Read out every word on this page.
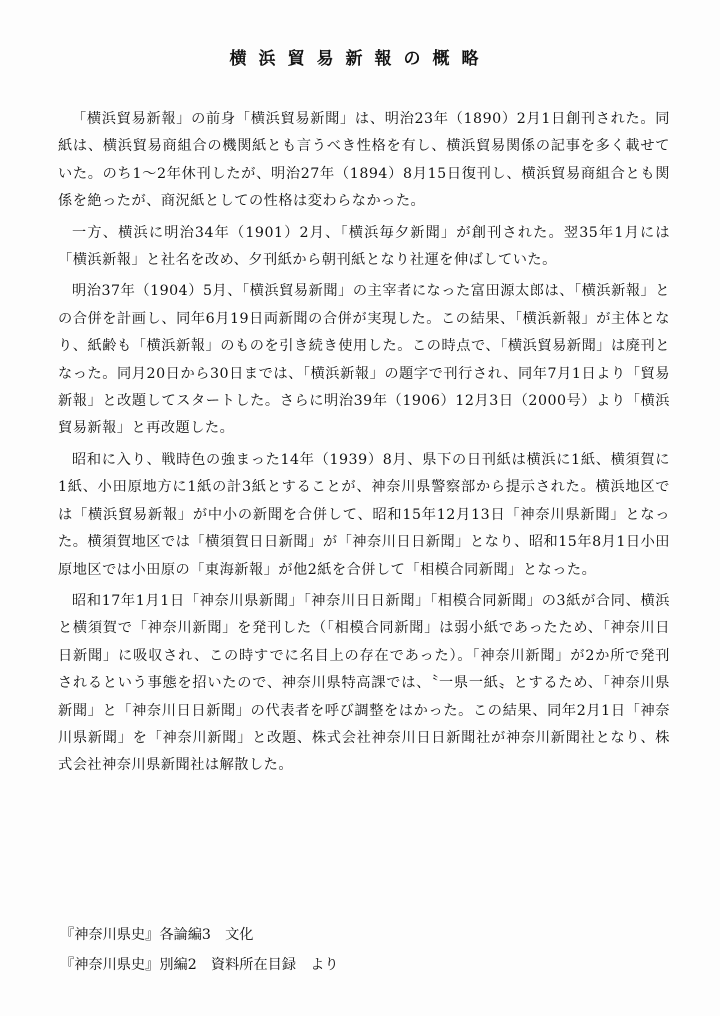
横浜貿易新報の概略

「横浜貿易新報」の前身「横浜貿易新聞」は、明治23年（1890）2月1日創刊された。同紙は、横浜貿易商組合の機関紙とも言うべき性格を有し、横浜貿易関係の記事を多く載せていた。のち1～2年休刊したが、明治27年（1894）8月15日復刊し、横浜貿易商組合とも関係を絶ったが、商況紙としての性格は変わらなかった。

一方、横浜に明治34年（1901）2月、「横浜毎夕新聞」が創刊された。翌35年1月には「横浜新報」と社名を改め、夕刊紙から朝刊紙となり社運を伸ばしていた。

明治37年（1904）5月、「横浜貿易新聞」の主宰者になった富田源太郎は、「横浜新報」との合併を計画し、同年6月19日両新聞の合併が実現した。この結果、「横浜新報」が主体となり、紙齢も「横浜新報」のものを引き続き使用した。この時点で、「横浜貿易新聞」は廃刊となった。同月20日から30日までは、「横浜新報」の題字で刊行され、同年7月1日より「貿易新報」と改題してスタートした。さらに明治39年（1906）12月3日（2000号）より「横浜貿易新報」と再改題した。

昭和に入り、戦時色の強まった14年（1939）8月、県下の日刊紙は横浜に1紙、横須賀に1紙、小田原地方に1紙の計3紙とすることが、神奈川県警察部から提示された。横浜地区では「横浜貿易新報」が中小の新聞を合併して、昭和15年12月13日「神奈川県新聞」となった。横須賀地区では「横須賀日日新聞」が「神奈川日日新聞」となり、昭和15年8月1日小田原地区では小田原の「東海新報」が他2紙を合併して「相模合同新聞」となった。

昭和17年1月1日「神奈川県新聞」「神奈川日日新聞」「相模合同新聞」の3紙が合同、横浜と横須賀で「神奈川新聞」を発刊した（「相模合同新聞」は弱小紙であったため、「神奈川日日新聞」に吸収され、この時すでに名目上の存在であった）。「神奈川新聞」が2か所で発刊されるという事態を招いたので、神奈川県特高課では、〝一県一紙〟とするため、「神奈川県新聞」と「神奈川日日新聞」の代表者を呼び調整をはかった。この結果、同年2月1日「神奈川県新聞」を「神奈川新聞」と改題、株式会社神奈川日日新聞社が神奈川新聞社となり、株式会社神奈川県新聞社は解散した。

『神奈川県史』各論編3　文化
『神奈川県史』別編2　資料所在目録　より
